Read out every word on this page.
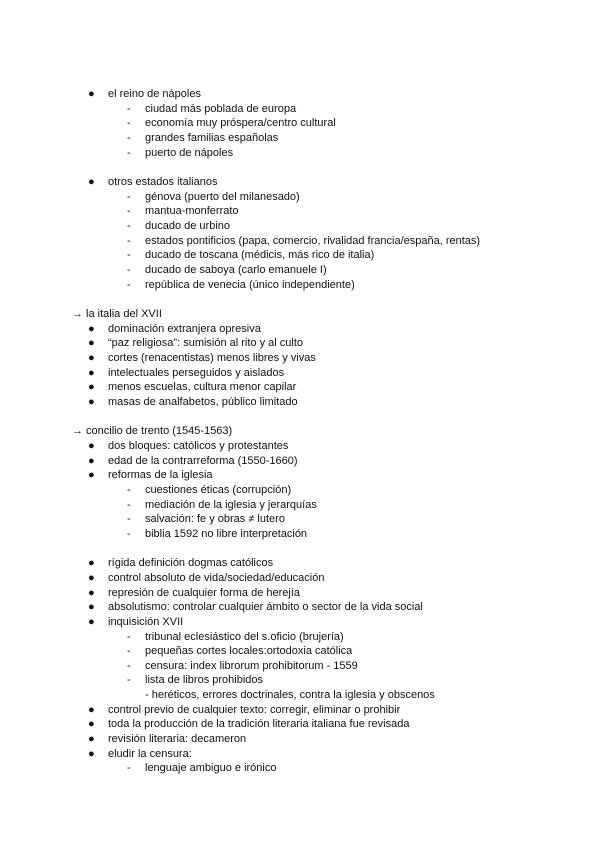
● el reino de nápoles
- ciudad más poblada de europa
- economía muy próspera/centro cultural
- grandes familias españolas
- puerto de nápoles
● otros estados italianos
- génova (puerto del milanesado)
- mantua-monferrato
- ducado de urbino
- estados pontificios (papa, comercio, rivalidad francia/españa, rentas)
- ducado de toscana (médicis, más rico de italia)
- ducado de saboya (carlo emanuele I)
- república de venecia (único independiente)
→ la italia del XVII
● dominación extranjera opresiva
● “paz religiosa”: sumisión al rito y al culto
● cortes (renacentistas) menos libres y vivas
● intelectuales perseguidos y aislados
● menos escuelas, cultura menor capilar
● masas de analfabetos, público limitado
→ concilio de trento (1545-1563)
● dos bloques: católicos y protestantes
● edad de la contrarreforma (1550-1660)
● reformas de la iglesia
- cuestiones éticas (corrupción)
- mediación de la iglesia y jerarquías
- salvación: fe y obras ≠ lutero
- biblia 1592 no libre interpretación
● rígida definición dogmas católicos
● control absoluto de vida/sociedad/educación
● represión de cualquier forma de herejía
● absolutismo: controlar cualquier ámbito o sector de la vida social
● inquisición XVII
- tribunal eclesiástico del s.oficio (brujería)
- pequeñas cortes locales:ortodoxia católica
- censura: index librorum prohibitorum - 1559
- lista de libros prohibidos
- heréticos, errores doctrinales, contra la iglesia y obscenos
● control previo de cualquier texto: corregir, eliminar o prohibir
● toda la producción de la tradición literaria italiana fue revisada
● revisión literaria: decameron
● eludir la censura:
- lenguaje ambiguo e irónico
